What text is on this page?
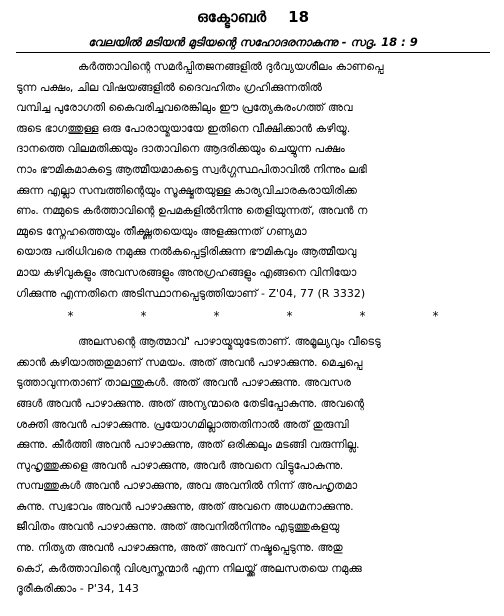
ഒക്ടോബർ 18
വേലയിൽ മടിയൻ മുടിയന്റെ സഹോദരനാകുന്നു - സദൃ. 18 : 9

കർത്താവിന്റെ സമർപ്പിതജനങ്ങളിൽ ദുർവ്യയശീലം കാണപ്പെ
ടുന്ന പക്ഷം, ചില വിഷയങ്ങളിൽ ദൈവഹിതം ഗ്രഹിക്കുന്നതിൽ
വമ്പിച്ച പുരോഗതി കൈവരിച്ചവരെങ്കിലും ഈ പ്രത്യേകരംഗത്ത് അവ
രുടെ ഭാഗത്തുള്ള ഒരു പോരായ്മയായേ ഇതിനെ വീക്ഷിക്കാൻ കഴിയൂ.
ദാനത്തെ വിലമതിക്കയും ദാതാവിനെ ആദരിക്കയും ചെയ്യുന്ന പക്ഷം
നാം ഭൗമികമാകട്ടെ ആത്മീയമാകട്ടെ സ്വർഗ്ഗസ്ഥപിതാവിൽ നിന്നും ലഭി
ക്കുന്ന എല്ലാ സമ്പത്തിന്റെയും സൂക്ഷ്മതയുള്ള കാര്യവിചാരകരായിരിക്ക
ണം. നമ്മുടെ കർത്താവിന്റെ ഉപമകളിൽനിന്നു തെളിയുന്നത്, അവൻ ന
മ്മുടെ സ്നേഹത്തെയും തീക്ഷ്ണതയെയും അളക്കുന്നത് ഗണ്യമാ
യൊരു പരിധിവരെ നമുക്കു നൽകപ്പെട്ടിരിക്കുന്ന ഭൗമികവും ആത്മീയവു
മായ കഴിവുകളും അവസരങ്ങളും അനുഗ്രഹങ്ങളും എങ്ങനെ വിനിയോ
ഗിക്കുന്നു എന്നതിനെ അടിസ്ഥാനപ്പെടുത്തിയാണ് - Z'04, 77 (R 3332)

*	*	*	*	*	*

അലസന്റെ ആത്മാവ്' പാഴായ്മയുടേതാണ്. അമൂല്യവും വീടെടു
ക്കാൻ കഴിയാത്തതുമാണ് സമയം. അത് അവൻ പാഴാക്കുന്നു. മെച്ചപ്പെ
ടുത്താവുന്നതാണ് താലന്തുകൾ. അത് അവൻ പാഴാക്കുന്നു. അവസര
ങ്ങൾ അവൻ പാഴാക്കുന്നു. അത് അന്യന്മാരെ തേടിപ്പോകുന്നു. അവന്റെ
ശക്തി അവൻ പാഴാക്കുന്നു. പ്രയോഗമില്ലാത്തതിനാൽ അത് തുരുമ്പി
ക്കുന്നു. കീർത്തി അവൻ പാഴാക്കുന്നു, അത് ഒരിക്കലും മടങ്ങി വരുന്നില്ല.
സുഹൃത്തുക്കളെ അവൻ പാഴാക്കുന്നു, അവർ അവനെ വിട്ടുപോകുന്നു.
സമ്പത്തുകൾ അവൻ പാഴാക്കുന്നു, അവ അവനിൽ നിന്ന് അപഹൃതമാ
കുന്നു. സ്വഭാവം അവൻ പാഴാക്കുന്നു, അത് അവനെ അധമനാക്കുന്നു.
ജീവിതം അവൻ പാഴാക്കുന്നു. അത് അവനിൽനിന്നും എടുത്തുകളയു
ന്നു. നിത്യത അവൻ പാഴാക്കുന്നു, അത് അവന് നഷ്ടപ്പെടുന്നു. അതു
കൊ്, കർത്താവിന്റെ വിശ്വസ്തന്മാർ എന്ന നിലയ്ക്ക് അലസതയെ നമുക്കു
ദൂരീകരിക്കാം - P'34, 143
